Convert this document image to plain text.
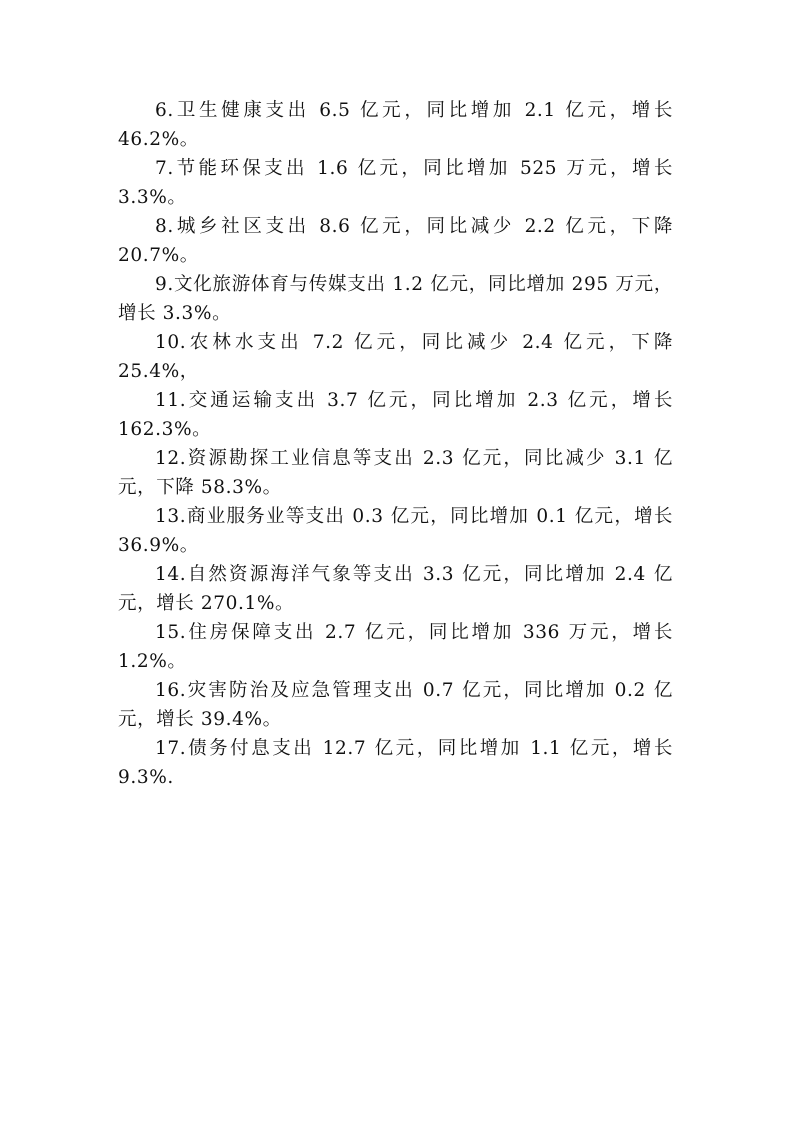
6.卫生健康支出 6.5 亿元，同比增加 2.1 亿元，增长 46.2%。

7.节能环保支出 1.6 亿元，同比增加 525 万元，增长 3.3%。

8.城乡社区支出 8.6 亿元，同比减少 2.2 亿元，下降 20.7%。

9.文化旅游体育与传媒支出 1.2 亿元，同比增加 295 万元，增长 3.3%。

10.农林水支出 7.2 亿元，同比减少 2.4 亿元，下降 25.4%，

11.交通运输支出 3.7 亿元，同比增加 2.3 亿元，增长 162.3%。

12.资源勘探工业信息等支出 2.3 亿元，同比减少 3.1 亿元，下降 58.3%。

13.商业服务业等支出 0.3 亿元，同比增加 0.1 亿元，增长 36.9%。

14.自然资源海洋气象等支出 3.3 亿元，同比增加 2.4 亿元，增长 270.1%。

15.住房保障支出 2.7 亿元，同比增加 336 万元，增长 1.2%。

16.灾害防治及应急管理支出 0.7 亿元，同比增加 0.2 亿元，增长 39.4%。

17.债务付息支出 12.7 亿元，同比增加 1.1 亿元，增长 9.3%.
